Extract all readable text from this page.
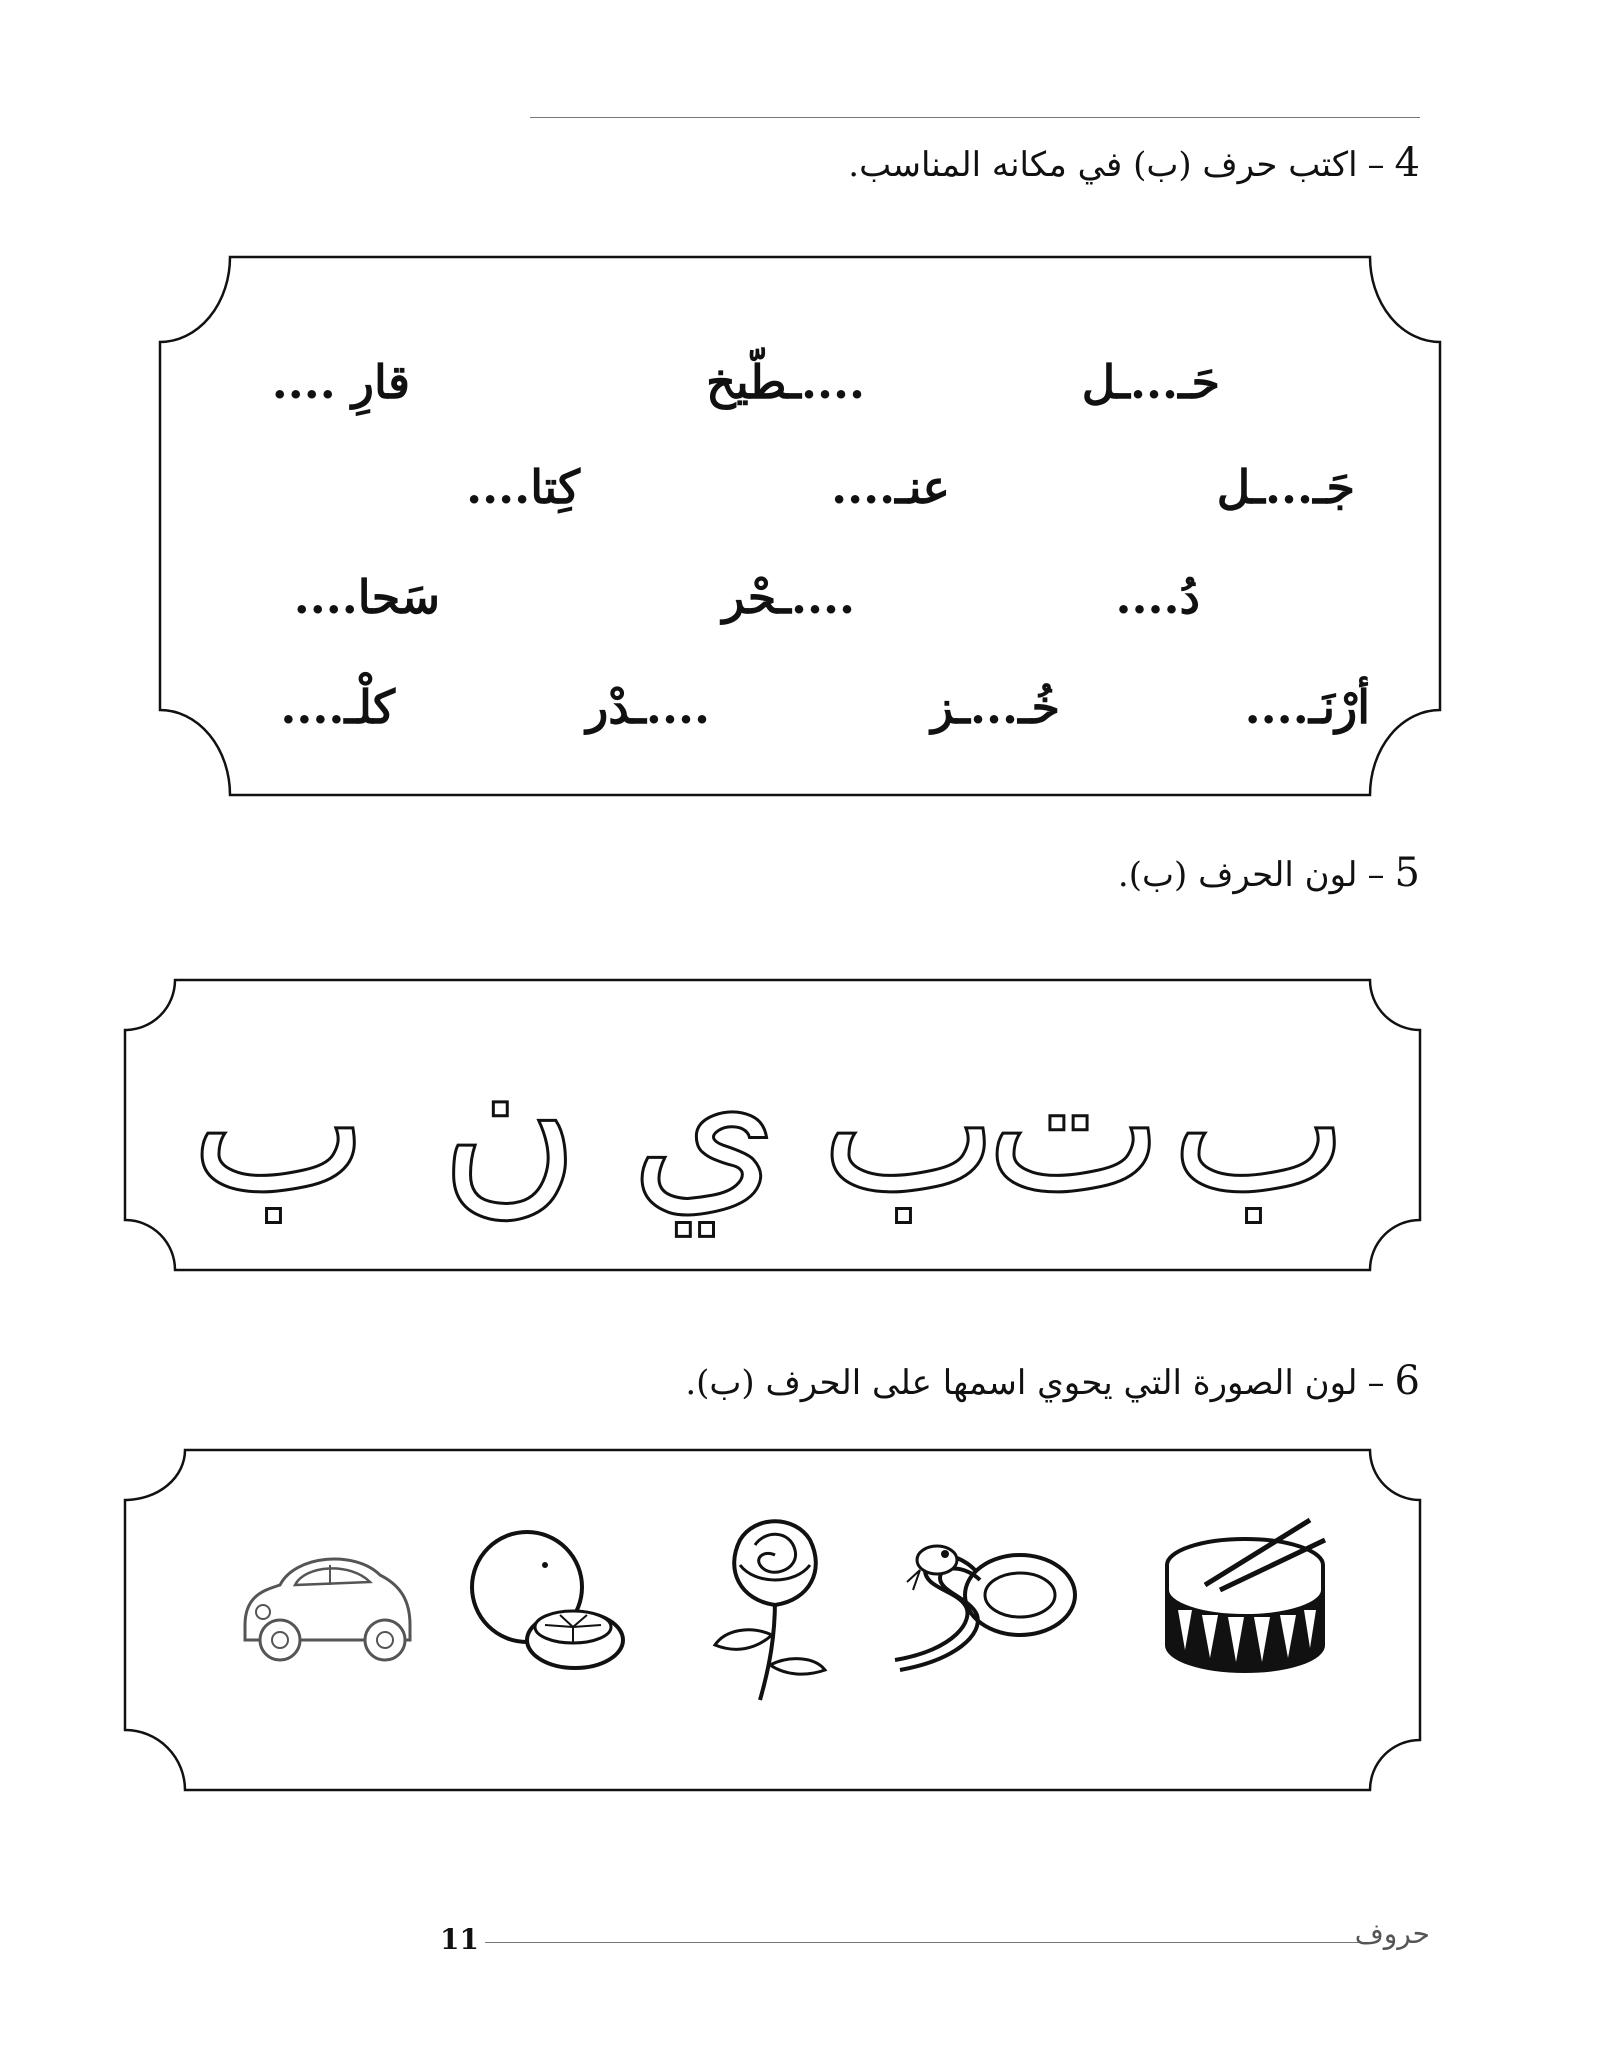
اكتب حرف (ب) في مكانه المناسب. – 4
حَـ...ـل
....ـطّيخ
قارِ ....
جَـ...ـل
عنـ....
كِتا....
دُ....
....ـحْر
سَحا....
أرْنَـ....
خُـ...ـز
....ـدْر
كلْـ....
لون الحرف (ب). – 5
ب
ت
ب
ي
ن
ب
لون الصورة التي يحوي اسمها على الحرف (ب). – 6
11	حروف
